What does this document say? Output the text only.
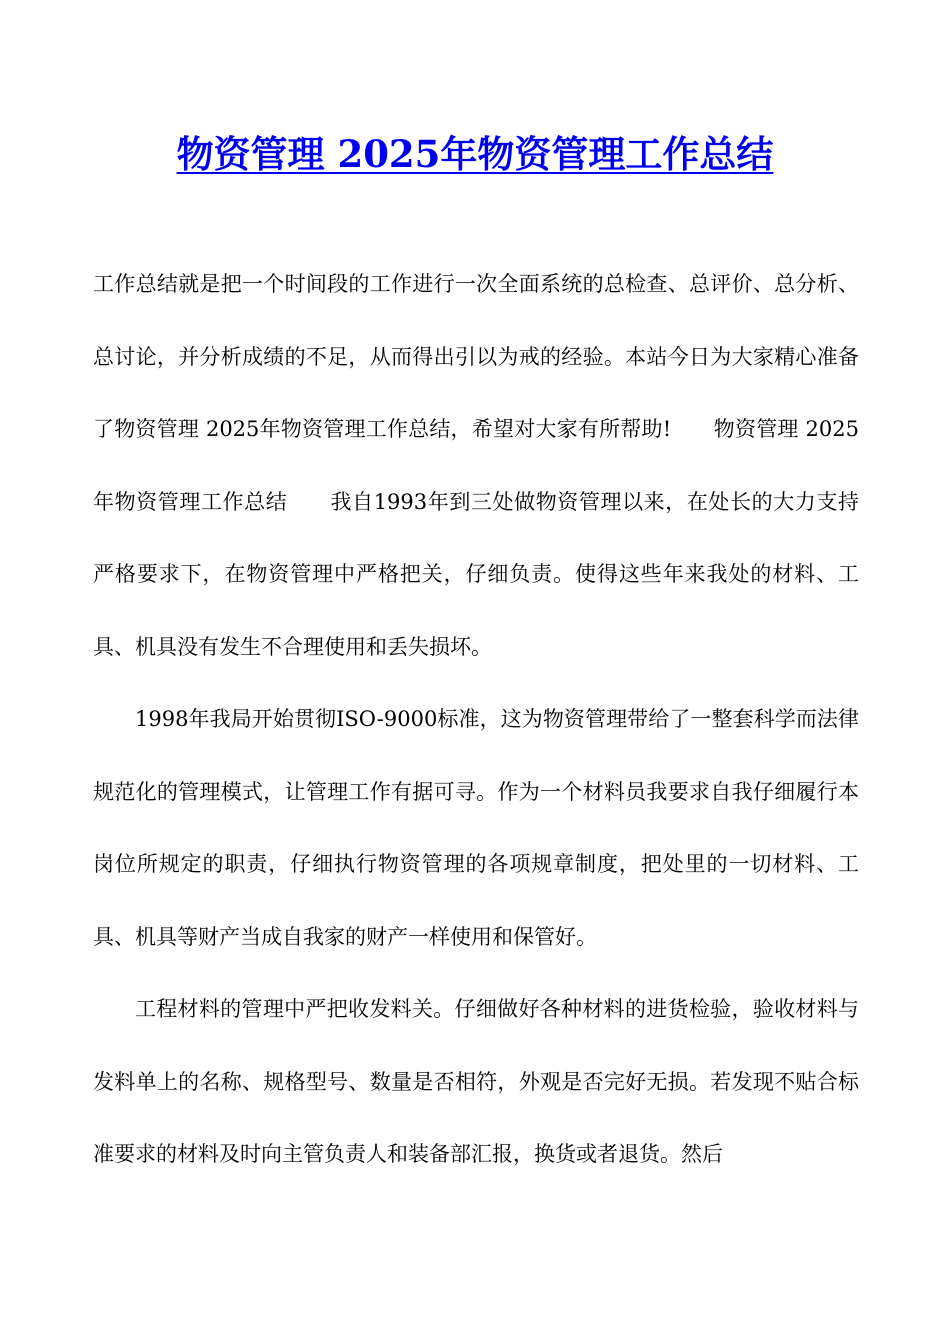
物资管理 2025年物资管理工作总结

工作总结就是把一个时间段的工作进行一次全面系统的总检查、总评价、总分析、总讨论，并分析成绩的不足，从而得出引以为戒的经验。本站今日为大家精心准备了物资管理 2025年物资管理工作总结，希望对大家有所帮助!　　物资管理 2025年物资管理工作总结　　我自1993年到三处做物资管理以来，在处长的大力支持严格要求下，在物资管理中严格把关，仔细负责。使得这些年来我处的材料、工具、机具没有发生不合理使用和丢失损坏。

1998年我局开始贯彻ISO-9000标准，这为物资管理带给了一整套科学而法律规范化的管理模式，让管理工作有据可寻。作为一个材料员我要求自我仔细履行本岗位所规定的职责，仔细执行物资管理的各项规章制度，把处里的一切材料、工具、机具等财产当成自我家的财产一样使用和保管好。

工程材料的管理中严把收发料关。仔细做好各种材料的进货检验，验收材料与发料单上的名称、规格型号、数量是否相符，外观是否完好无损。若发现不贴合标准要求的材料及时向主管负责人和装备部汇报，换货或者退货。然后
